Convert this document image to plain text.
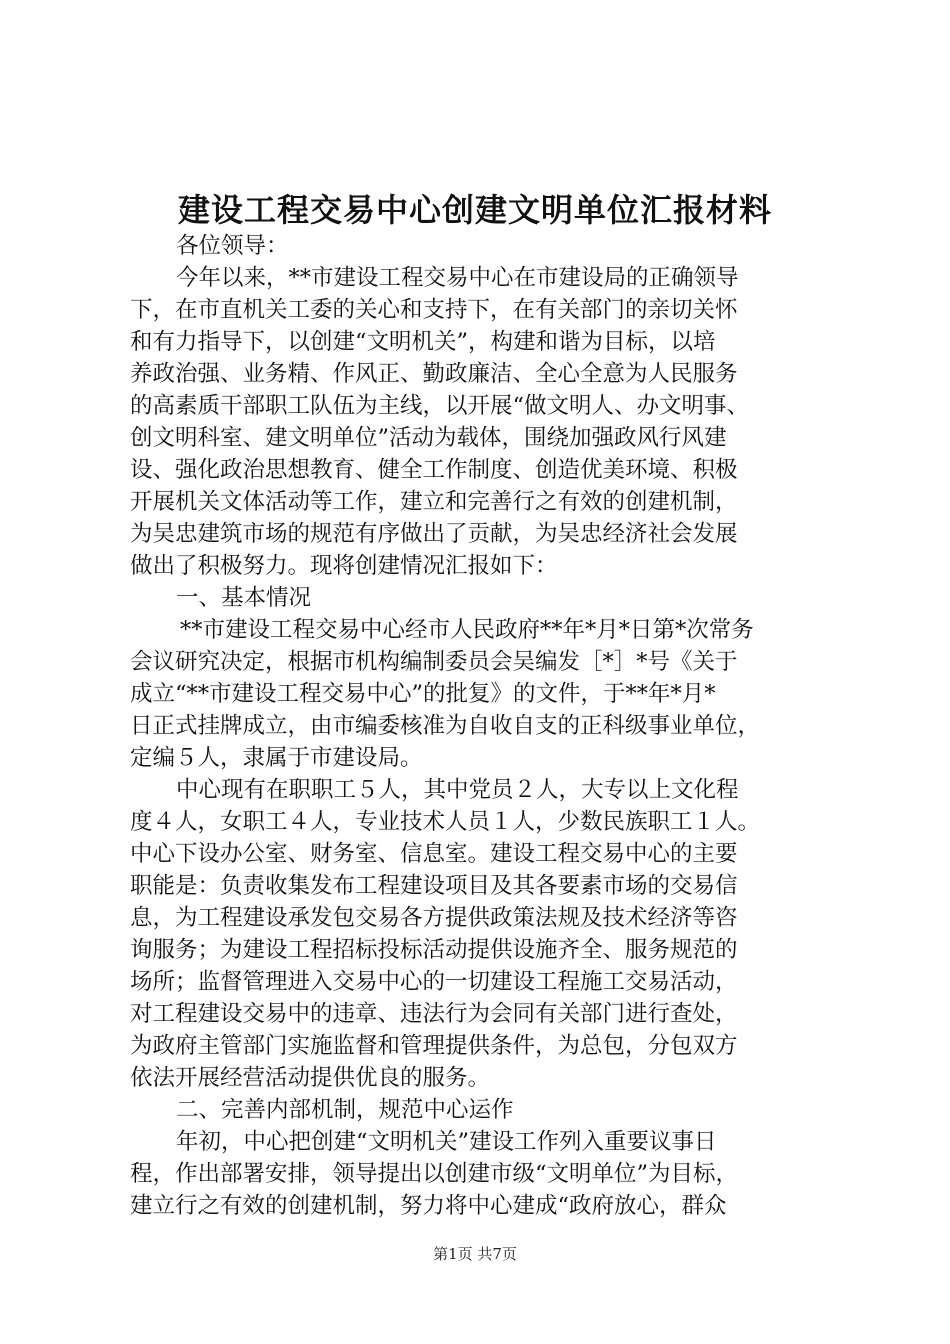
建设工程交易中心创建文明单位汇报材料
各位领导：
今年以来，**市建设工程交易中心在市建设局的正确领导
下，在市直机关工委的关心和支持下，在有关部门的亲切关怀
和有力指导下，以创建“文明机关”，构建和谐为目标，以培
养政治强、业务精、作风正、勤政廉洁、全心全意为人民服务
的高素质干部职工队伍为主线，以开展“做文明人、办文明事、
创文明科室、建文明单位”活动为载体，围绕加强政风行风建
设、强化政治思想教育、健全工作制度、创造优美环境、积极
开展机关文体活动等工作，建立和完善行之有效的创建机制，
为吴忠建筑市场的规范有序做出了贡献，为吴忠经济社会发展
做出了积极努力。现将创建情况汇报如下：
一、基本情况
**市建设工程交易中心经市人民政府**年*月*日第*次常务
会议研究决定，根据市机构编制委员会吴编发［*］*号《关于
成立“**市建设工程交易中心”的批复》的文件，于**年*月*
日正式挂牌成立，由市编委核准为自收自支的正科级事业单位，
定编５人，隶属于市建设局。
中心现有在职职工５人，其中党员２人，大专以上文化程
度４人，女职工４人，专业技术人员１人，少数民族职工１人。
中心下设办公室、财务室、信息室。建设工程交易中心的主要
职能是：负责收集发布工程建设项目及其各要素市场的交易信
息，为工程建设承发包交易各方提供政策法规及技术经济等咨
询服务；为建设工程招标投标活动提供设施齐全、服务规范的
场所；监督管理进入交易中心的一切建设工程施工交易活动，
对工程建设交易中的违章、违法行为会同有关部门进行查处，
为政府主管部门实施监督和管理提供条件，为总包，分包双方
依法开展经营活动提供优良的服务。
二、完善内部机制，规范中心运作
年初，中心把创建“文明机关”建设工作列入重要议事日
程，作出部署安排，领导提出以创建市级“文明单位”为目标，
建立行之有效的创建机制，努力将中心建成“政府放心，群众
第1页 共7页
